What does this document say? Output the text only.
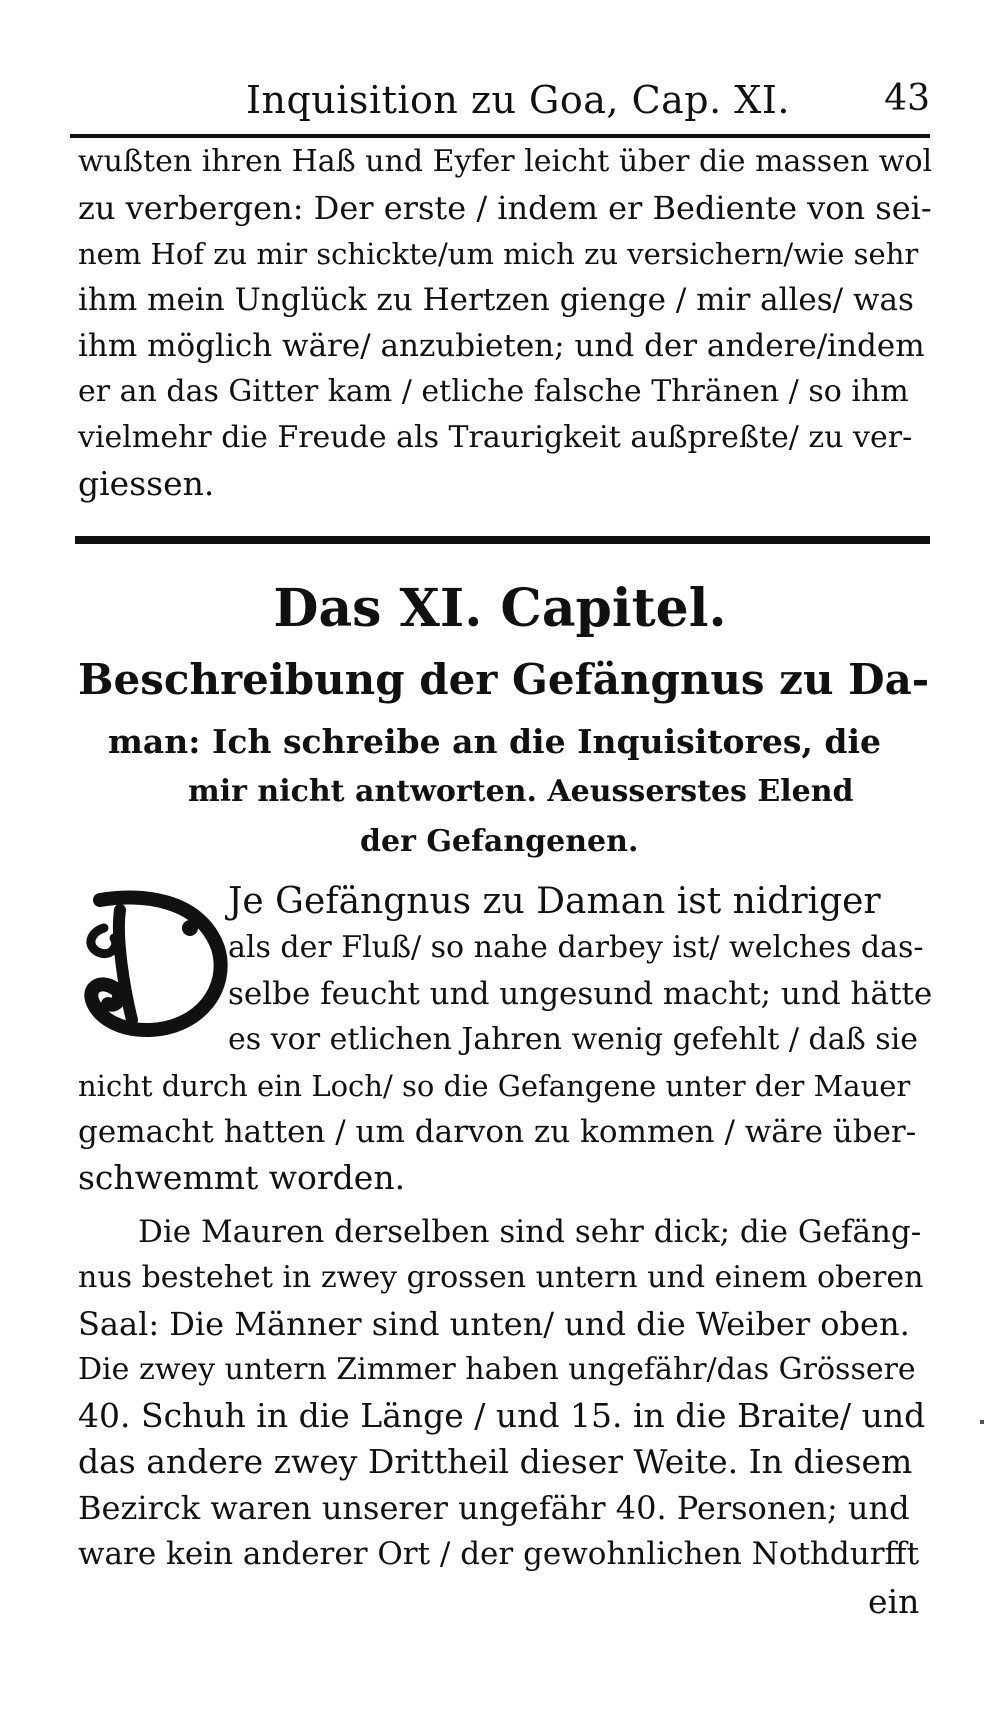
Inquisition zu Goa, Cap. XI.	43
wußten ihren Haß und Eyfer leicht über die massen wol
zu verbergen: Der erste / indem er Bediente von sei-
nem Hof zu mir schickte/um mich zu versichern/wie sehr
ihm mein Unglück zu Hertzen gienge / mir alles/ was
ihm möglich wäre/ anzubieten; und der andere/indem
er an das Gitter kam / etliche falsche Thränen / so ihm
vielmehr die Freude als Traurigkeit außpreßte/ zu ver-
giessen.
Das XI. Capitel.
Beschreibung der Gefängnus zu Da-
man: Ich schreibe an die Inquisitores, die
mir nicht antworten. Aeusserstes Elend
der Gefangenen.
Je Gefängnus zu Daman ist nidriger
als der Fluß/ so nahe darbey ist/ welches das-
selbe feucht und ungesund macht; und hätte
es vor etlichen Jahren wenig gefehlt / daß sie
nicht durch ein Loch/ so die Gefangene unter der Mauer
gemacht hatten / um darvon zu kommen / wäre über-
schwemmt worden.
Die Mauren derselben sind sehr dick; die Gefäng-
nus bestehet in zwey grossen untern und einem oberen
Saal: Die Männer sind unten/ und die Weiber oben.
Die zwey untern Zimmer haben ungefähr/das Grössere
40. Schuh in die Länge / und 15. in die Braite/ und
das andere zwey Drittheil dieser Weite. In diesem
Bezirck waren unserer ungefähr 40. Personen; und
ware kein anderer Ort / der gewohnlichen Nothdurfft
ein
